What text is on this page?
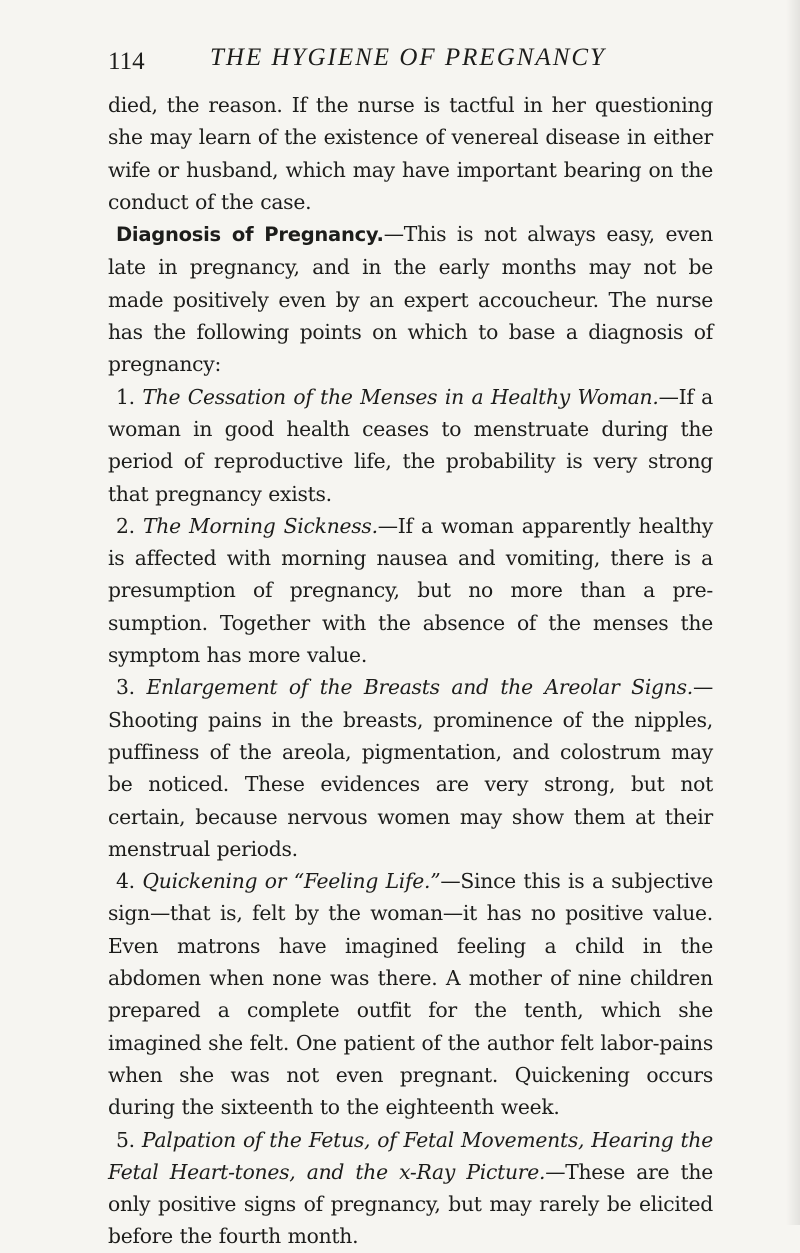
114	THE HYGIENE OF PREGNANCY

died, the reason. If the nurse is tactful in her questioning she may learn of the existence of venereal disease in either wife or husband, which may have important bearing on the conduct of the case.

Diagnosis of Pregnancy.—This is not always easy, even late in pregnancy, and in the early months may not be made positively even by an expert accoucheur. The nurse has the following points on which to base a diagnosis of pregnancy:

1. The Cessation of the Menses in a Healthy Woman.—If a woman in good health ceases to menstruate during the period of reproductive life, the probability is very strong that pregnancy exists.

2. The Morning Sickness.—If a woman apparently healthy is affected with morning nausea and vomiting, there is a presumption of pregnancy, but no more than a pre-sumption. Together with the absence of the menses the symptom has more value.

3. Enlargement of the Breasts and the Areolar Signs.—Shooting pains in the breasts, prominence of the nipples, puffiness of the areola, pigmentation, and colostrum may be noticed. These evidences are very strong, but not certain, because nervous women may show them at their menstrual periods.

4. Quickening or “Feeling Life.”—Since this is a subjective sign—that is, felt by the woman—it has no positive value. Even matrons have imagined feeling a child in the abdomen when none was there. A mother of nine children prepared a complete outfit for the tenth, which she imagined she felt. One patient of the author felt labor-pains when she was not even pregnant. Quickening occurs during the sixteenth to the eighteenth week.

5. Palpation of the Fetus, of Fetal Movements, Hearing the Fetal Heart-tones, and the x-Ray Picture.—These are the only positive signs of pregnancy, but may rarely be elicited before the fourth month.
